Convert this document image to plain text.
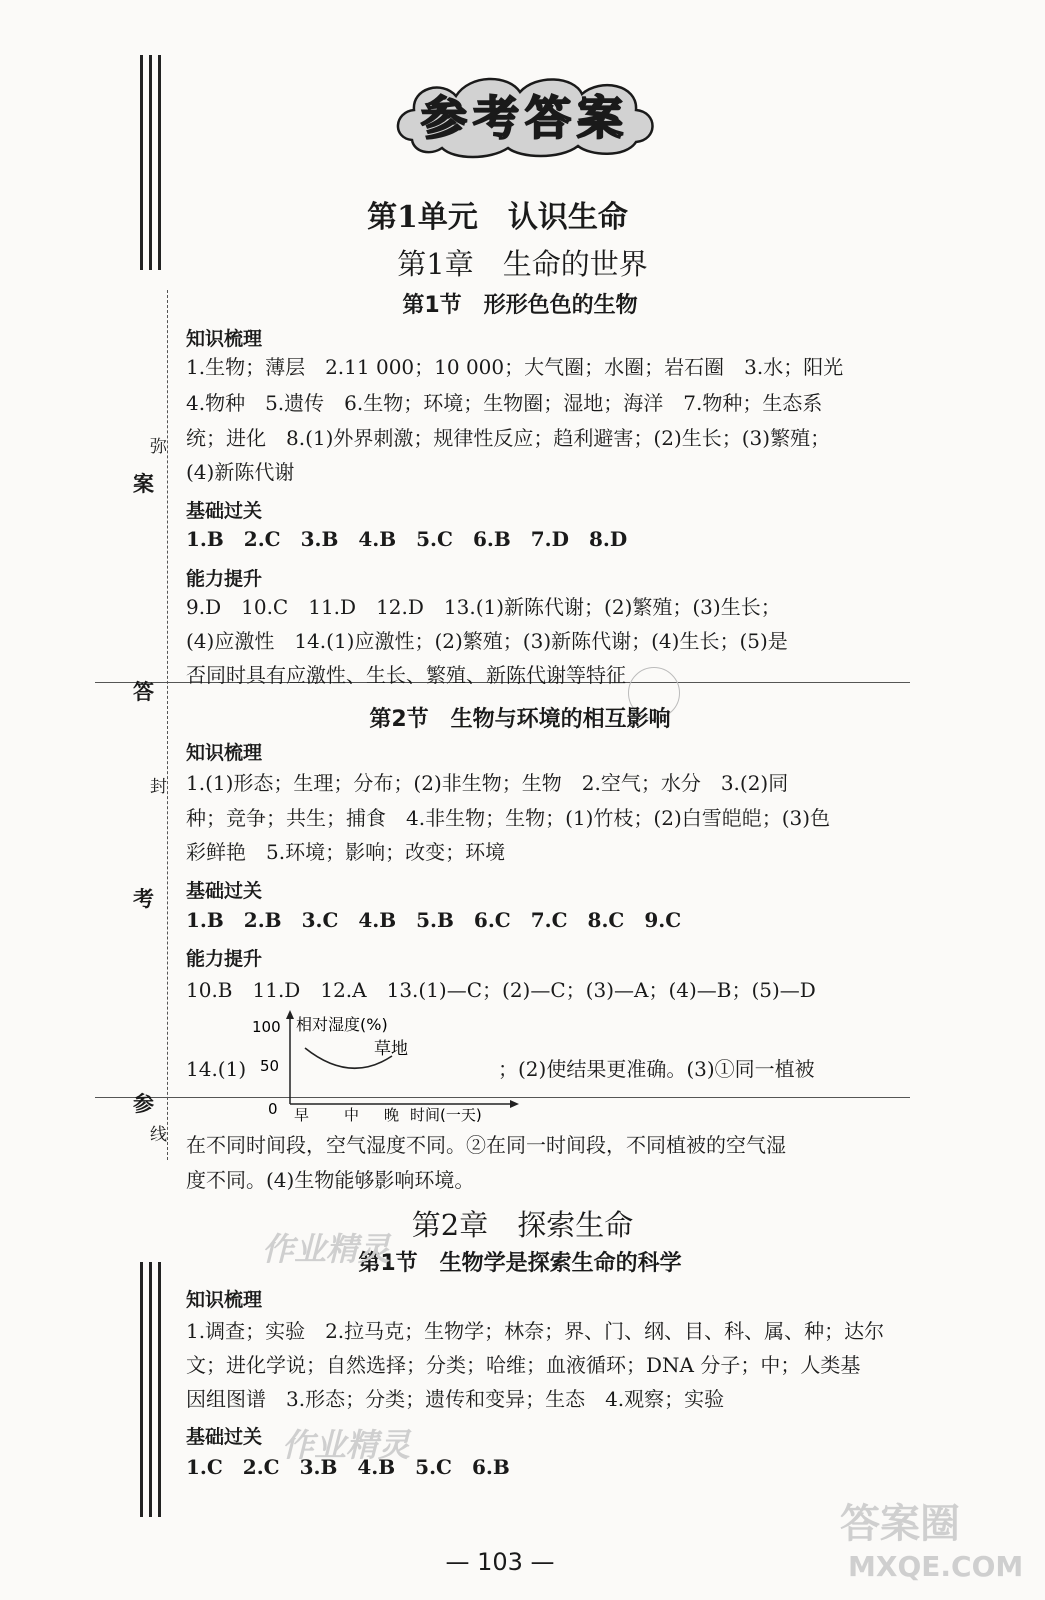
弥
案
答
封
考
参
线
参考答案
第1单元　认识生命
第1章　生命的世界
第1节　形形色色的生物
知识梳理
1.生物；薄层　2.11 000；10 000；大气圈；水圈；岩石圈　3.水；阳光
4.物种　5.遗传　6.生物；环境；生物圈；湿地；海洋　7.物种；生态系
统；进化　8.(1)外界刺激；规律性反应；趋利避害；(2)生长；(3)繁殖；
(4)新陈代谢
基础过关
1.B　2.C　3.B　4.B　5.C　6.B　7.D　8.D
能力提升
9.D　10.C　11.D　12.D　13.(1)新陈代谢；(2)繁殖；(3)生长；
(4)应激性　14.(1)应激性；(2)繁殖；(3)新陈代谢；(4)生长；(5)是
否同时具有应激性、生长、繁殖、新陈代谢等特征
第2节　生物与环境的相互影响
知识梳理
1.(1)形态；生理；分布；(2)非生物；生物　2.空气；水分　3.(2)同
种；竞争；共生；捕食　4.非生物；生物；(1)竹枝；(2)白雪皑皑；(3)色
彩鲜艳　5.环境；影响；改变；环境
基础过关
1.B　2.B　3.C　4.B　5.B　6.C　7.C　8.C　9.C
能力提升
10.B　11.D　12.A　13.(1)—C；(2)—C；(3)—A；(4)—B；(5)—D
14.(1)
100
50
0
相对湿度(%)
草地
早 中 晚 时间(一天)
；(2)使结果更准确。(3)①同一植被
在不同时间段，空气湿度不同。②在同一时间段，不同植被的空气湿
度不同。(4)生物能够影响环境。
第2章　探索生命
第1节　生物学是探索生命的科学
知识梳理
1.调查；实验　2.拉马克；生物学；林奈；界、门、纲、目、科、属、种；达尔
文；进化学说；自然选择；分类；哈维；血液循环；DNA 分子；中；人类基
因组图谱　3.形态；分类；遗传和变异；生态　4.观察；实验
基础过关
1.C　2.C　3.B　4.B　5.C　6.B
作业精灵
作业精灵
— 103 —
答案圈
MXQE.COM
